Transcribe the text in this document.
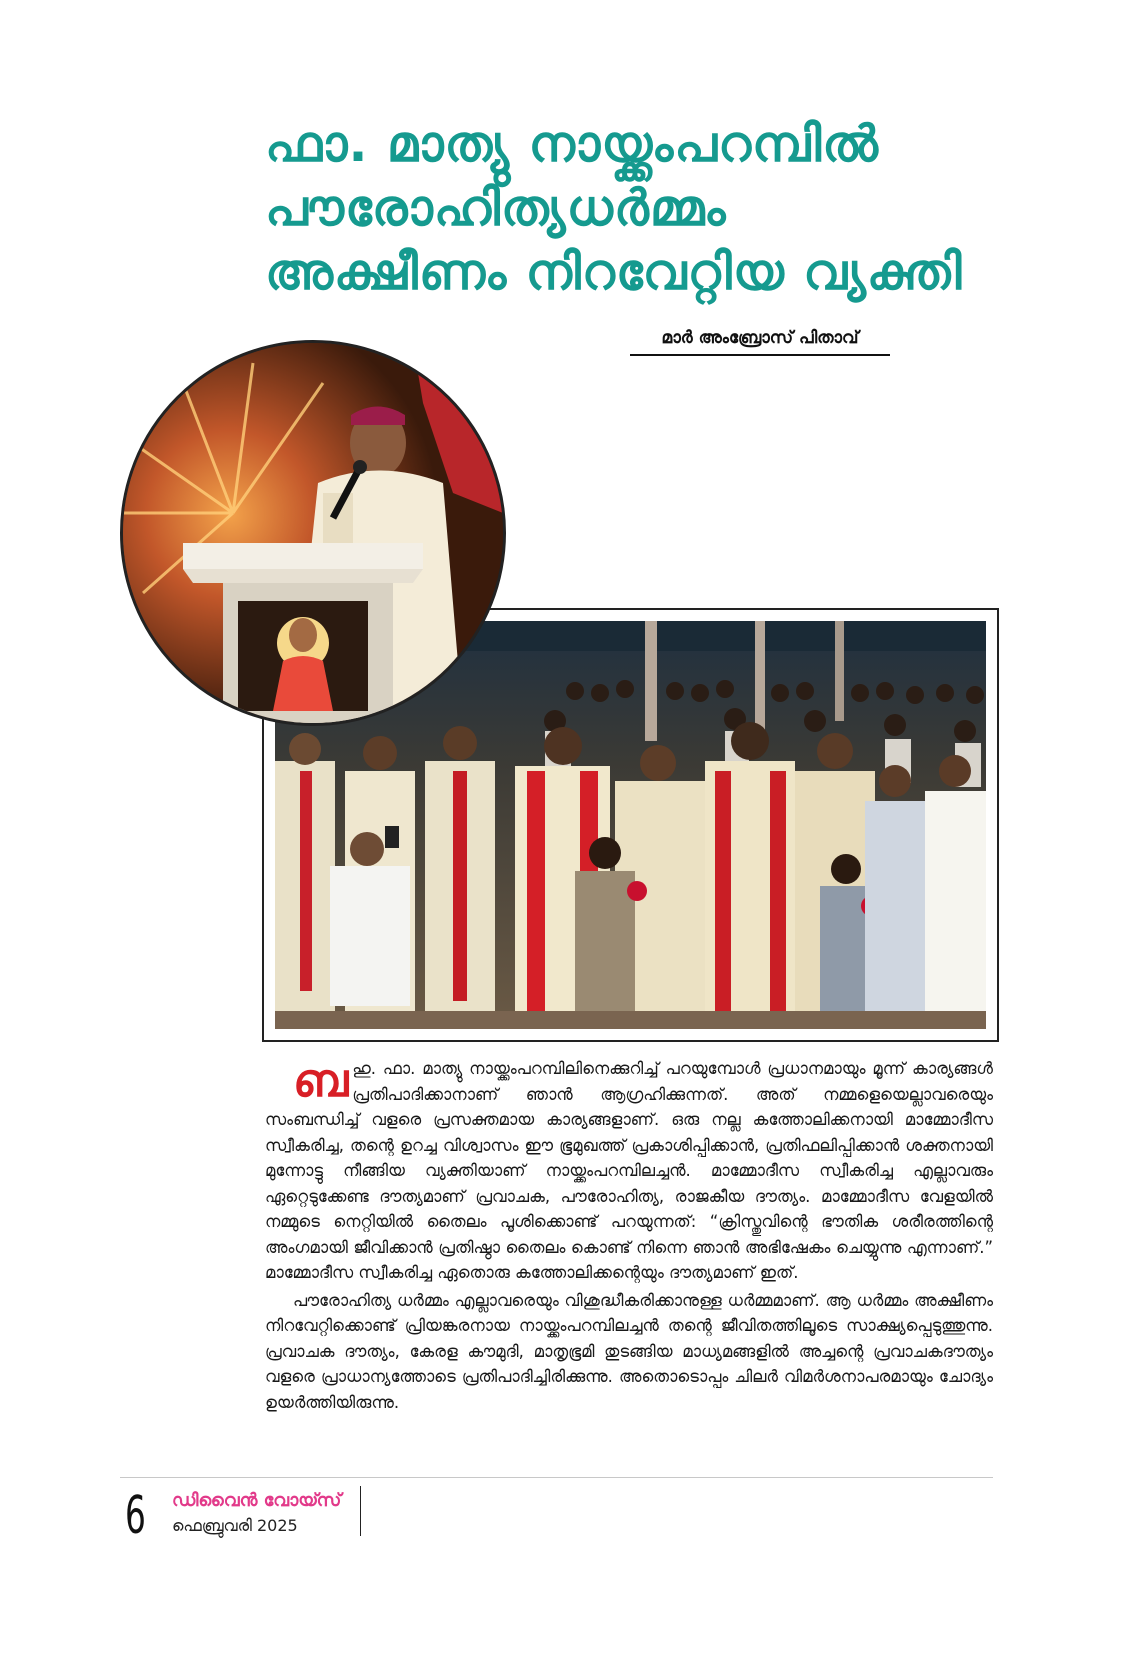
ഫാ. മാത്യു നായ്ക്കംപറമ്പിൽ
പൗരോഹിത്യധർമ്മം
അക്ഷീണം നിറവേറ്റിയ വ്യക്തി
മാർ അംബ്രോസ് പിതാവ്

ബഹു. ഫാ. മാത്യു നായ്ക്കംപറമ്പിലിനെക്കുറിച്ച് പറയുമ്പോൾ പ്രധാനമായും മൂന്ന് കാര്യങ്ങൾ പ്രതിപാദിക്കാനാണ് ഞാൻ ആഗ്രഹിക്കുന്നത്. അത് നമ്മളെയെല്ലാവരെയും സംബന്ധിച്ച് വളരെ പ്രസക്തമായ കാര്യങ്ങളാണ്. ഒരു നല്ല കത്തോലിക്കനായി മാമ്മോദീസ സ്വീകരിച്ച, തന്റെ ഉറച്ച വിശ്വാസം ഈ ഭൂമുഖത്ത് പ്രകാശിപ്പിക്കാൻ, പ്രതിഫലിപ്പിക്കാൻ ശക്തനായി മുന്നോട്ടു നീങ്ങിയ വ്യക്തിയാണ് നായ്ക്കംപറമ്പിലച്ചൻ. മാമ്മോദീസ സ്വീകരിച്ച എല്ലാവരും ഏറ്റെടുക്കേണ്ട ദൗത്യമാണ് പ്രവാചക, പൗരോഹിത്യ, രാജകീയ ദൗത്യം. മാമ്മോദീസ വേളയിൽ നമ്മുടെ നെറ്റിയിൽ തൈലം പൂശിക്കൊണ്ട് പറയുന്നത്: “ക്രിസ്തുവിന്റെ ഭൗതിക ശരീരത്തിന്റെ അംഗമായി ജീവിക്കാൻ പ്രതിഷ്ഠാ തൈലം കൊണ്ട് നിന്നെ ഞാൻ അഭിഷേകം ചെയ്യുന്നു എന്നാണ്.” മാമ്മോദീസ സ്വീകരിച്ച ഏതൊരു കത്തോലിക്കന്റെയും ദൗത്യമാണ് ഇത്.

പൗരോഹിത്യ ധർമ്മം എല്ലാവരെയും വിശുദ്ധീകരിക്കാനുള്ള ധർമ്മമാണ്. ആ ധർമ്മം അക്ഷീണം നിറവേറ്റിക്കൊണ്ട് പ്രിയങ്കരനായ നായ്ക്കംപറമ്പിലച്ചൻ തന്റെ ജീവിതത്തിലൂടെ സാക്ഷ്യപ്പെടുത്തുന്നു. പ്രവാചക ദൗത്യം, കേരള കൗമുദി, മാതൃഭൂമി തുടങ്ങിയ മാധ്യമങ്ങളിൽ അച്ചന്റെ പ്രവാചകദൗത്യം വളരെ പ്രാധാന്യത്തോടെ പ്രതിപാദിച്ചിരിക്കുന്നു. അതൊടൊപ്പം ചിലർ വിമർശനാപരമായും ചോദ്യം ഉയർത്തിയിരുന്നു.

6 ഡിവൈൻ വോയ്സ്
ഫെബ്രുവരി 2025
